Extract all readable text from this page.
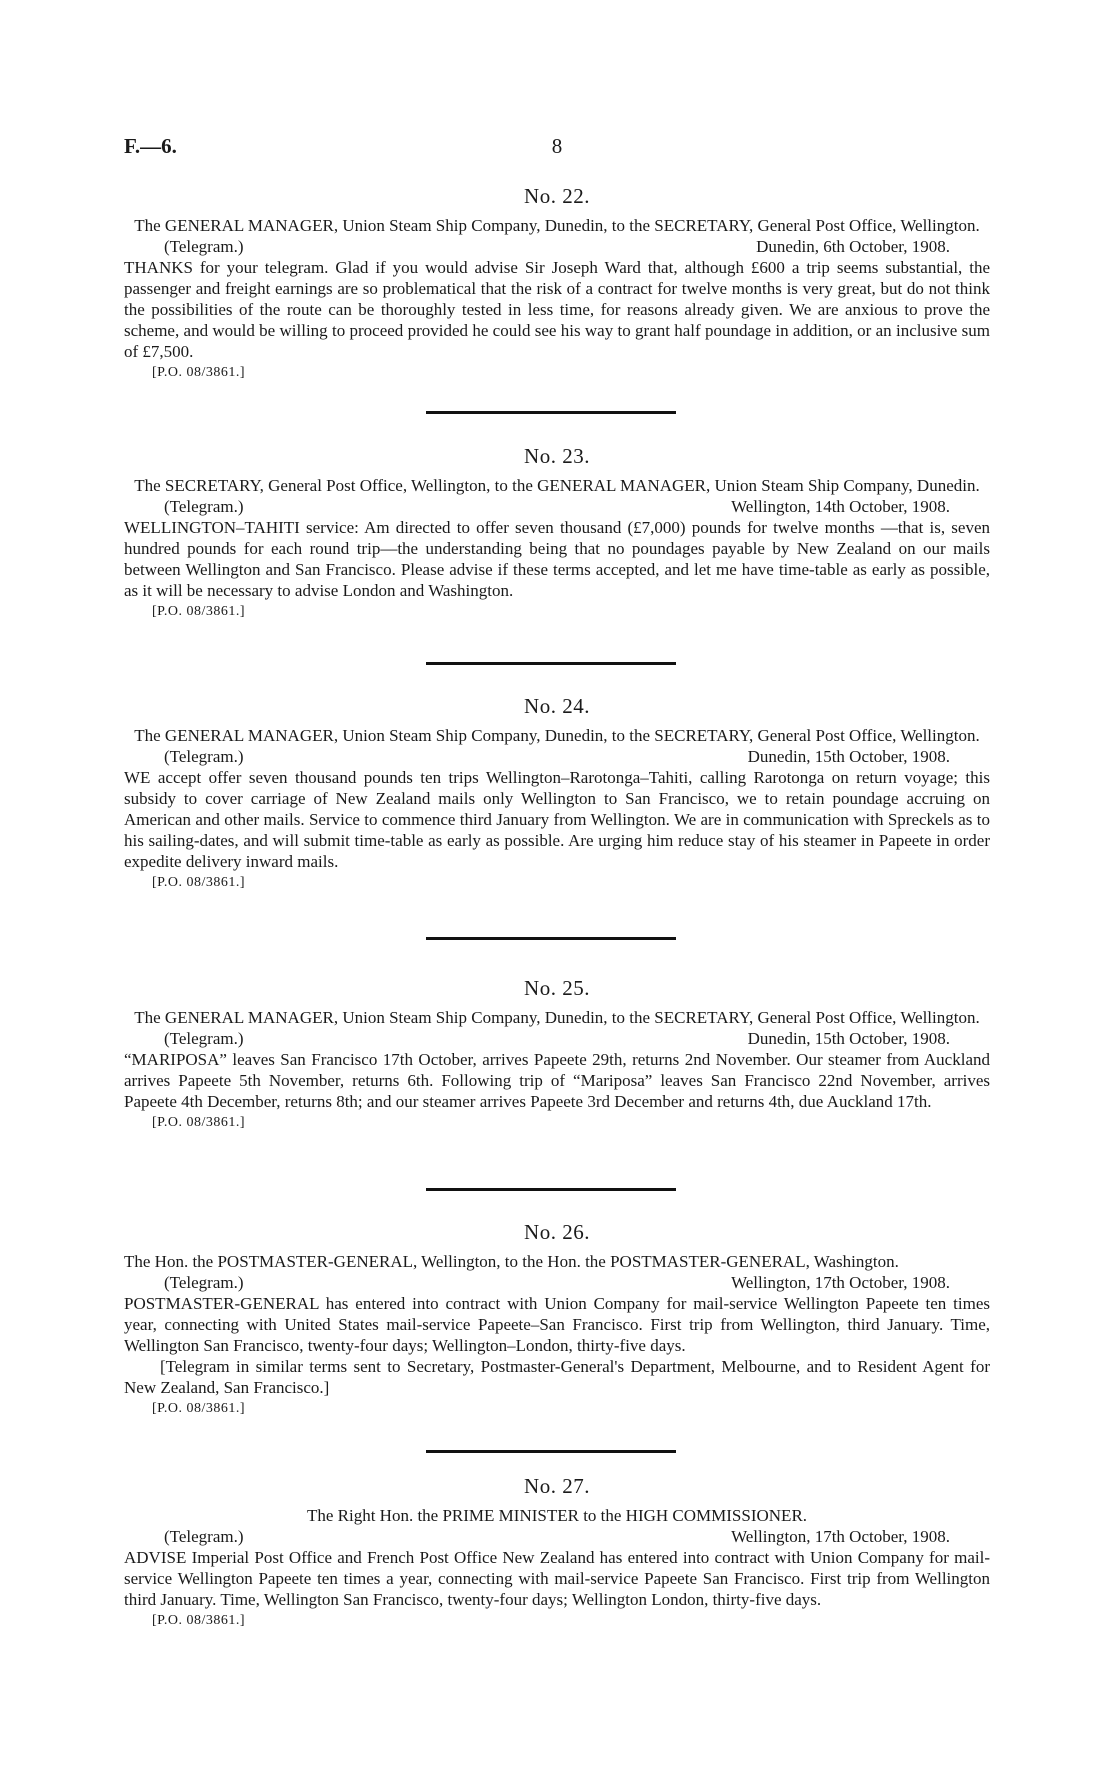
F.—6.	8
No. 22.
The GENERAL MANAGER, Union Steam Ship Company, Dunedin, to the SECRETARY, General Post Office, Wellington.
(Telegram.)	Dunedin, 6th October, 1908.
THANKS for your telegram. Glad if you would advise Sir Joseph Ward that, although £600 a trip seems substantial, the passenger and freight earnings are so problematical that the risk of a contract for twelve months is very great, but do not think the possibilities of the route can be thoroughly tested in less time, for reasons already given. We are anxious to prove the scheme, and would be willing to proceed provided he could see his way to grant half poundage in addition, or an inclusive sum of £7,500.
[P.O. 08/3861.]
No. 23.
The SECRETARY, General Post Office, Wellington, to the GENERAL MANAGER, Union Steam Ship Company, Dunedin.
(Telegram.)	Wellington, 14th October, 1908.
WELLINGTON–TAHITI service: Am directed to offer seven thousand (£7,000) pounds for twelve months —that is, seven hundred pounds for each round trip—the understanding being that no poundages payable by New Zealand on our mails between Wellington and San Francisco. Please advise if these terms accepted, and let me have time-table as early as possible, as it will be necessary to advise London and Washington.
[P.O. 08/3861.]
No. 24.
The GENERAL MANAGER, Union Steam Ship Company, Dunedin, to the SECRETARY, General Post Office, Wellington.
(Telegram.)	Dunedin, 15th October, 1908.
WE accept offer seven thousand pounds ten trips Wellington–Rarotonga–Tahiti, calling Rarotonga on return voyage; this subsidy to cover carriage of New Zealand mails only Wellington to San Francisco, we to retain poundage accruing on American and other mails. Service to commence third January from Wellington. We are in communication with Spreckels as to his sailing-dates, and will submit time-table as early as possible. Are urging him reduce stay of his steamer in Papeete in order expedite delivery inward mails.
[P.O. 08/3861.]
No. 25.
The GENERAL MANAGER, Union Steam Ship Company, Dunedin, to the SECRETARY, General Post Office, Wellington.
(Telegram.)	Dunedin, 15th October, 1908.
“MARIPOSA” leaves San Francisco 17th October, arrives Papeete 29th, returns 2nd November. Our steamer from Auckland arrives Papeete 5th November, returns 6th. Following trip of “Mariposa” leaves San Francisco 22nd November, arrives Papeete 4th December, returns 8th; and our steamer arrives Papeete 3rd December and returns 4th, due Auckland 17th.
[P.O. 08/3861.]
No. 26.
The Hon. the POSTMASTER-GENERAL, Wellington, to the Hon. the POSTMASTER-GENERAL, Washington.
(Telegram.)	Wellington, 17th October, 1908.
POSTMASTER-GENERAL has entered into contract with Union Company for mail-service Wellington Papeete ten times year, connecting with United States mail-service Papeete–San Francisco. First trip from Wellington, third January. Time, Wellington San Francisco, twenty-four days; Wellington–London, thirty-five days.
[Telegram in similar terms sent to Secretary, Postmaster-General's Department, Melbourne, and to Resident Agent for New Zealand, San Francisco.]
[P.O. 08/3861.]
No. 27.
The Right Hon. the PRIME MINISTER to the HIGH COMMISSIONER.
(Telegram.)	Wellington, 17th October, 1908.
ADVISE Imperial Post Office and French Post Office New Zealand has entered into contract with Union Company for mail-service Wellington Papeete ten times a year, connecting with mail-service Papeete San Francisco. First trip from Wellington third January. Time, Wellington San Francisco, twenty-four days; Wellington London, thirty-five days.
[P.O. 08/3861.]
